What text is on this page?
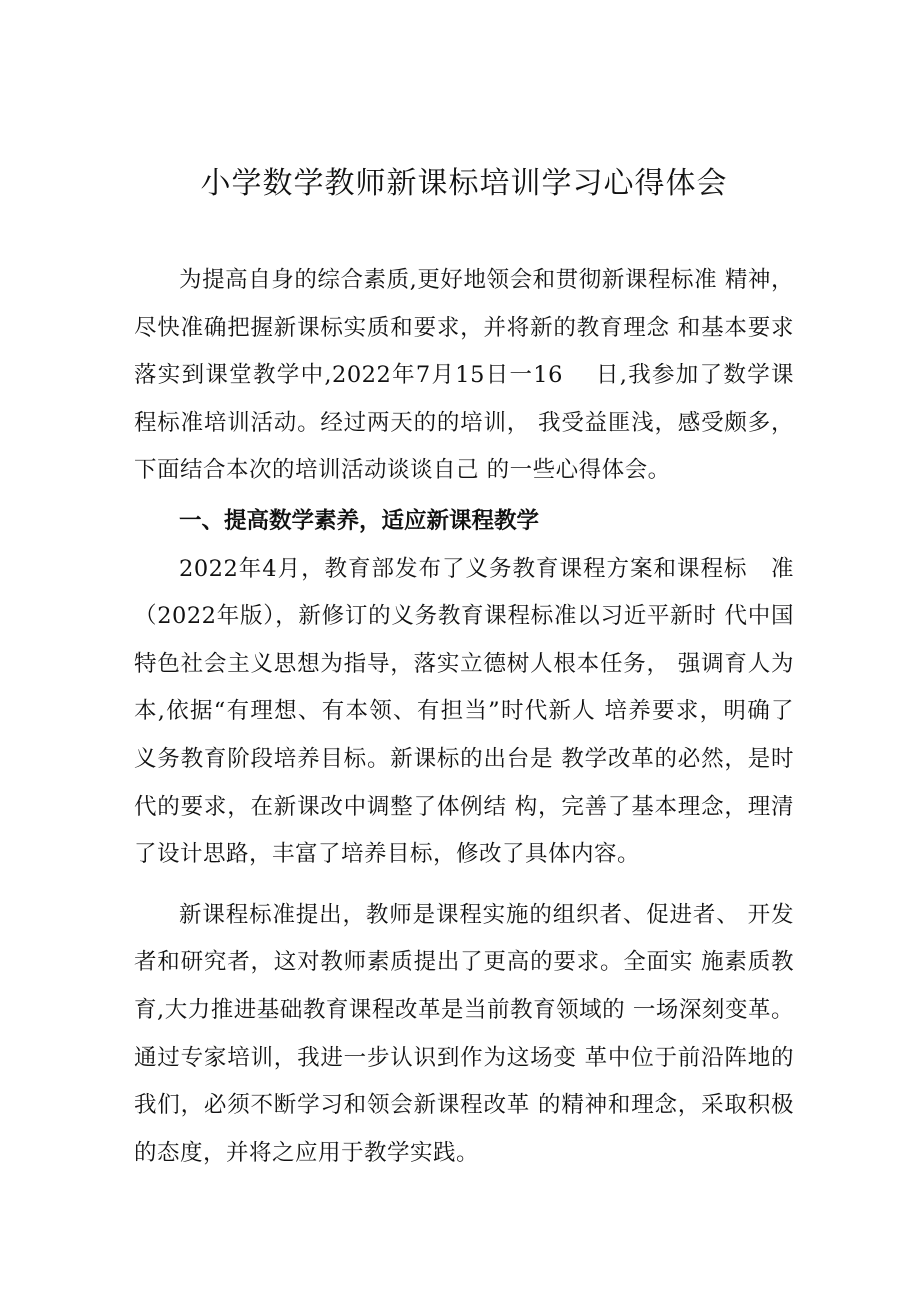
小学数学教师新课标培训学习心得体会

为提高自身的综合素质,更好地领会和贯彻新课程标准 精神，尽快准确把握新课标实质和要求，并将新的教育理念 和基本要求落实到课堂教学中,2022年7月15日一16　 日,我参加了数学课程标准培训活动。经过两天的的培训， 我受益匪浅，感受颇多，下面结合本次的培训活动谈谈自己 的一些心得体会。

一、提高数学素养，适应新课程教学

2022年4月，教育部发布了义务教育课程方案和课程标　准（2022年版），新修订的义务教育课程标准以习近平新时 代中国特色社会主义思想为指导，落实立德树人根本任务， 强调育人为本,依据“有理想、有本领、有担当”时代新人 培养要求，明确了义务教育阶段培养目标。新课标的出台是 教学改革的必然，是时代的要求，在新课改中调整了体例结 构，完善了基本理念，理清了设计思路，丰富了培养目标，修改了具体内容。

新课程标准提出，教师是课程实施的组织者、促进者、 开发者和研究者，这对教师素质提出了更高的要求。全面实 施素质教育,大力推进基础教育课程改革是当前教育领域的 一场深刻变革。通过专家培训，我进一步认识到作为这场变 革中位于前沿阵地的我们，必须不断学习和领会新课程改革 的精神和理念，采取积极的态度，并将之应用于教学实践。
